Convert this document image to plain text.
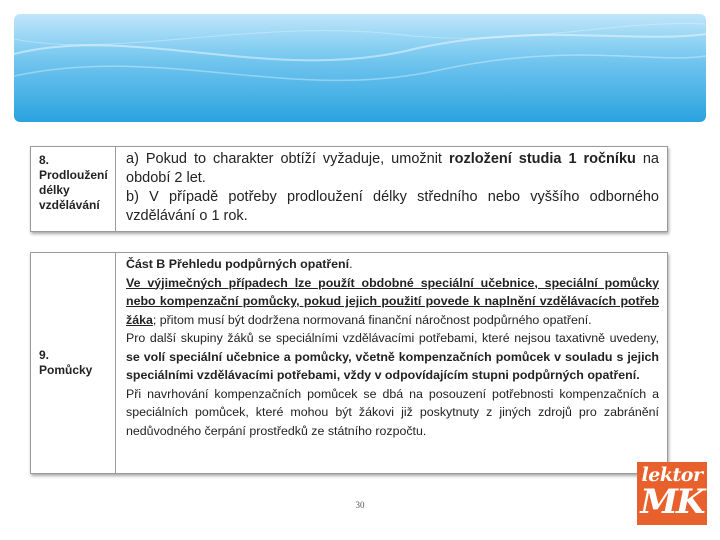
8.
Prodloužení
délky
vzdělávání

a) Pokud to charakter obtíží vyžaduje, umožnit rozložení studia 1 ročníku na období 2 let.

b) V případě potřeby prodloužení délky středního nebo vyššího odborného vzdělávání o 1 rok.

9.
Pomůcky

Část B Přehledu podpůrných opatření.

Ve výjimečných případech lze použít obdobné speciální učebnice, speciální pomůcky nebo kompenzační pomůcky, pokud jejich použití povede k naplnění vzdělávacích potřeb žáka; přitom musí být dodržena normovaná finanční náročnost podpůrného opatření.

Pro další skupiny žáků se speciálními vzdělávacími potřebami, které nejsou taxativně uvedeny, se volí speciální učebnice a pomůcky, včetně kompenzačních pomůcek v souladu s jejich speciálními vzdělávacími potřebami, vždy v odpovídajícím stupni podpůrných opatření.

Při navrhování kompenzačních pomůcek se dbá na posouzení potřebnosti kompenzačních a speciálních pomůcek, které mohou být žákovi již poskytnuty z jiných zdrojů pro zabránění nedůvodného čerpání prostředků ze státního rozpočtu.

30
lektor
MK
